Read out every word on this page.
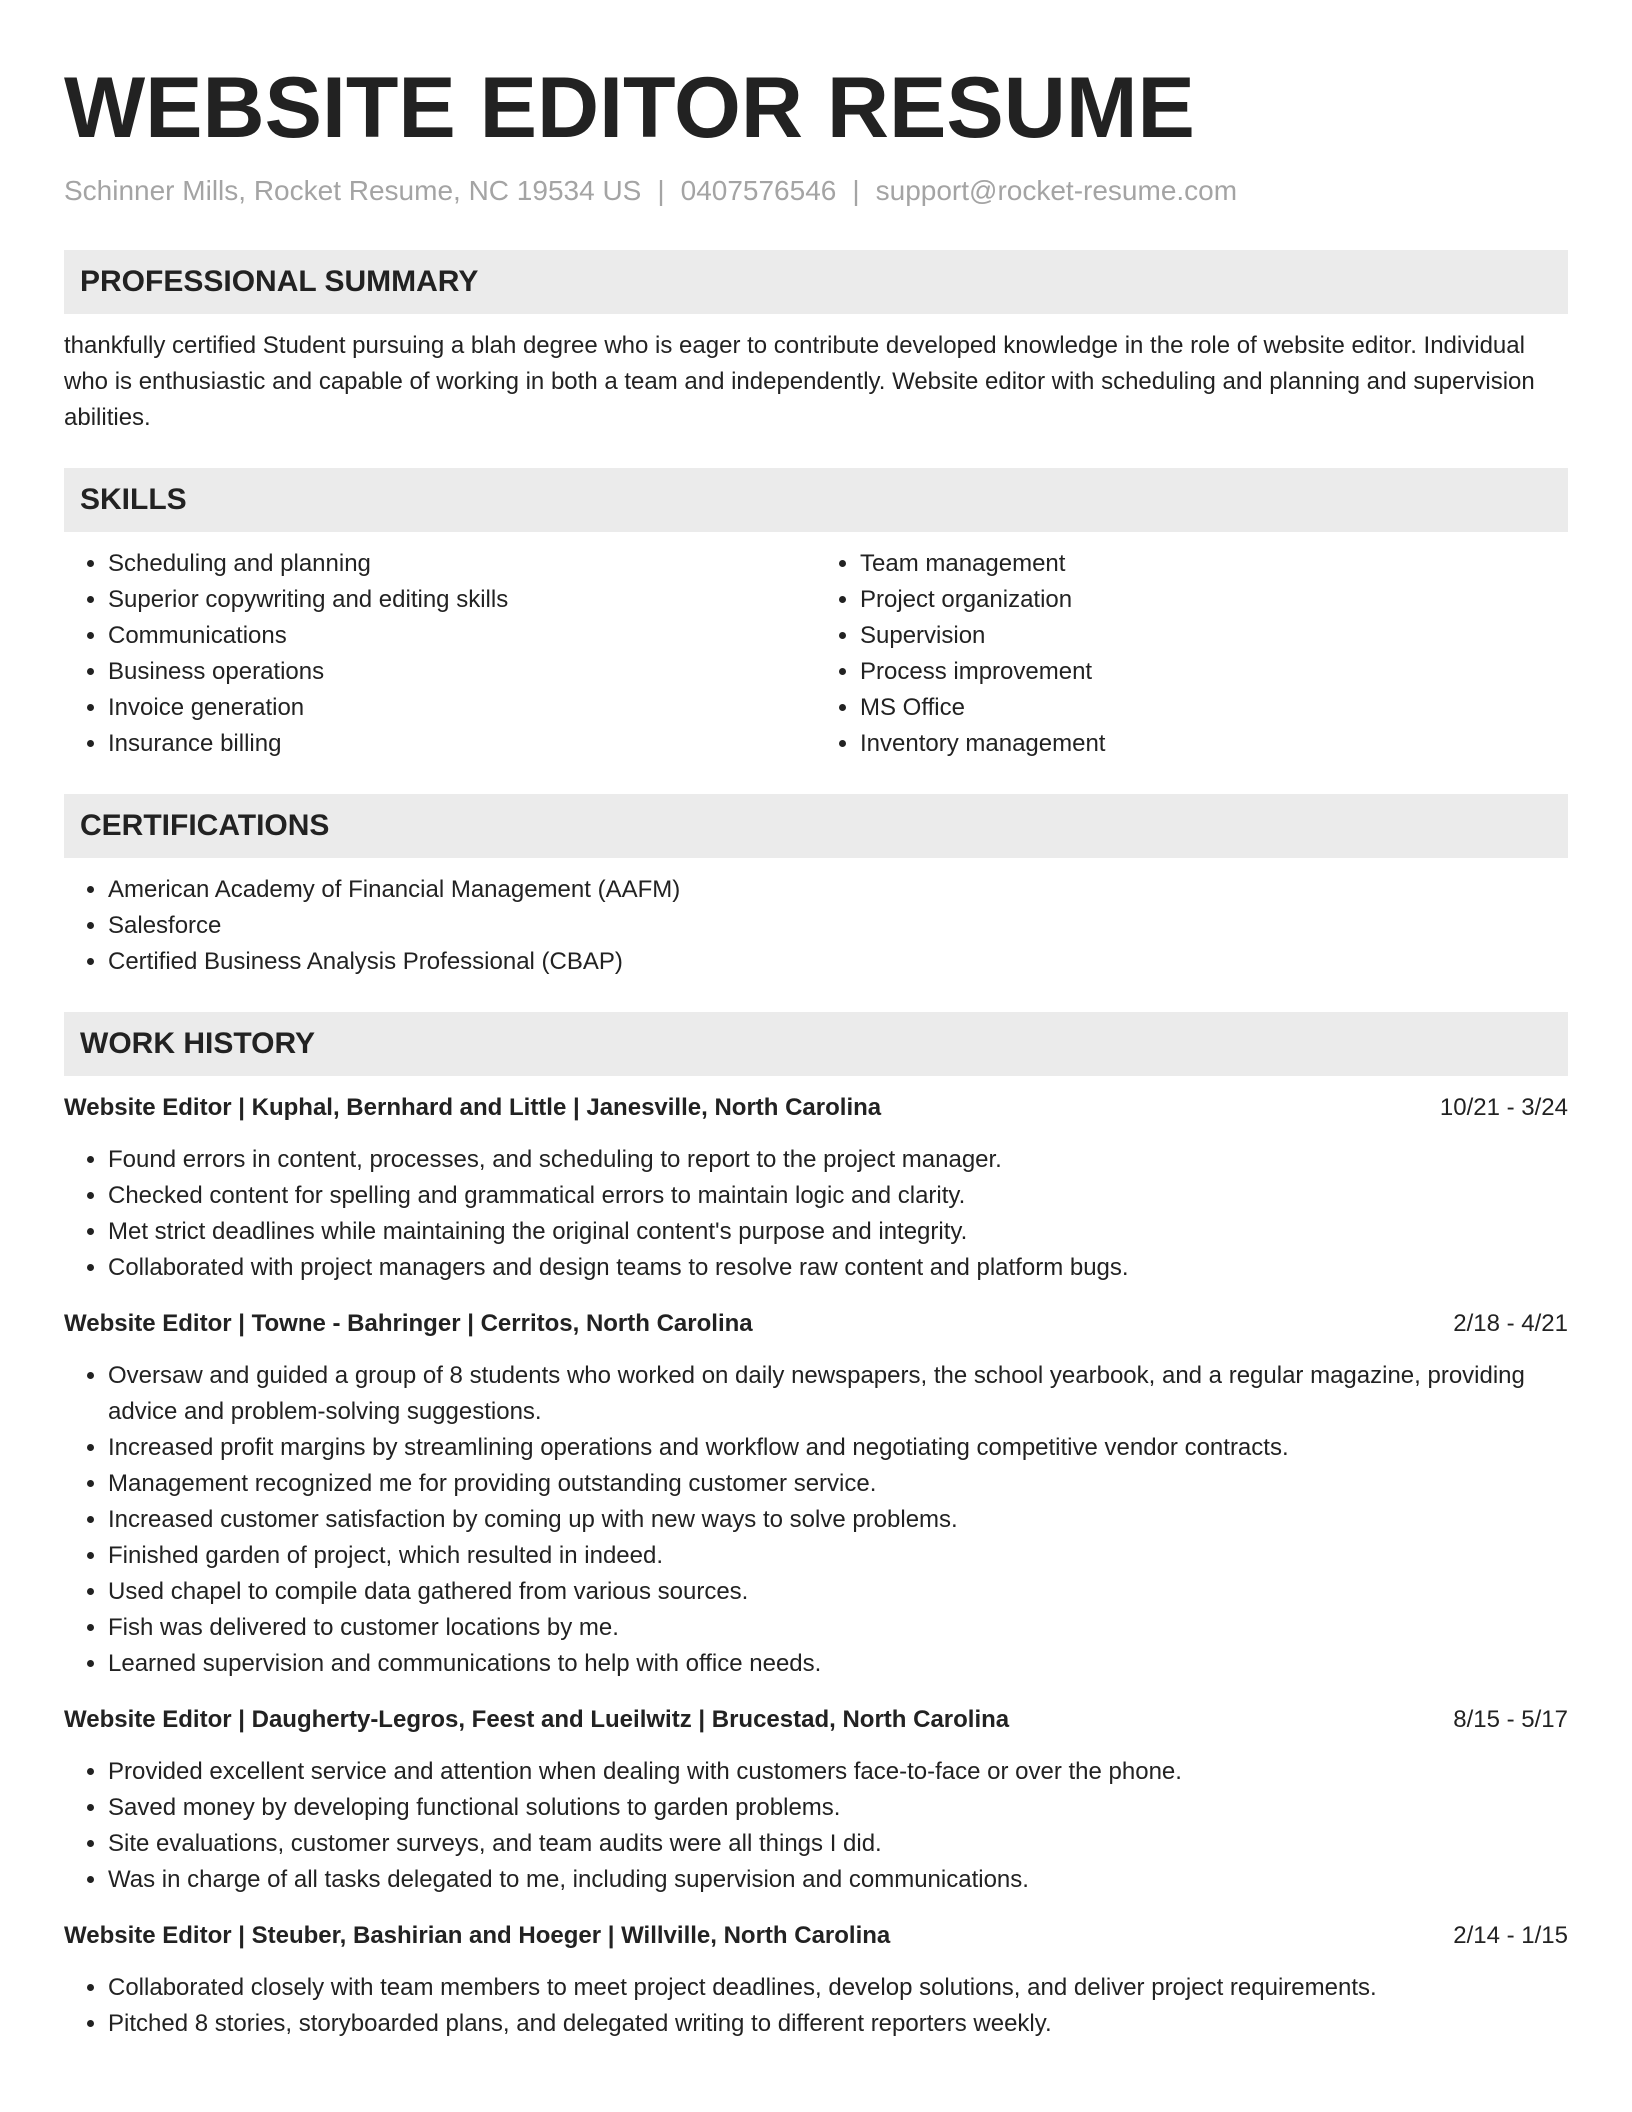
WEBSITE EDITOR RESUME
Schinner Mills, Rocket Resume, NC 19534 US | 0407576546 | support@rocket-resume.com
PROFESSIONAL SUMMARY
thankfully certified Student pursuing a blah degree who is eager to contribute developed knowledge in the role of website editor. Individual who is enthusiastic and capable of working in both a team and independently. Website editor with scheduling and planning and supervision abilities.
SKILLS
• Scheduling and planning
• Superior copywriting and editing skills
• Communications
• Business operations
• Invoice generation
• Insurance billing
• Team management
• Project organization
• Supervision
• Process improvement
• MS Office
• Inventory management
CERTIFICATIONS
• American Academy of Financial Management (AAFM)
• Salesforce
• Certified Business Analysis Professional (CBAP)
WORK HISTORY
Website Editor | Kuphal, Bernhard and Little | Janesville, North Carolina	10/21 - 3/24
• Found errors in content, processes, and scheduling to report to the project manager.
• Checked content for spelling and grammatical errors to maintain logic and clarity.
• Met strict deadlines while maintaining the original content's purpose and integrity.
• Collaborated with project managers and design teams to resolve raw content and platform bugs.
Website Editor | Towne - Bahringer | Cerritos, North Carolina	2/18 - 4/21
• Oversaw and guided a group of 8 students who worked on daily newspapers, the school yearbook, and a regular magazine, providing advice and problem-solving suggestions.
• Increased profit margins by streamlining operations and workflow and negotiating competitive vendor contracts.
• Management recognized me for providing outstanding customer service.
• Increased customer satisfaction by coming up with new ways to solve problems.
• Finished garden of project, which resulted in indeed.
• Used chapel to compile data gathered from various sources.
• Fish was delivered to customer locations by me.
• Learned supervision and communications to help with office needs.
Website Editor | Daugherty-Legros, Feest and Lueilwitz | Brucestad, North Carolina	8/15 - 5/17
• Provided excellent service and attention when dealing with customers face-to-face or over the phone.
• Saved money by developing functional solutions to garden problems.
• Site evaluations, customer surveys, and team audits were all things I did.
• Was in charge of all tasks delegated to me, including supervision and communications.
Website Editor | Steuber, Bashirian and Hoeger | Willville, North Carolina	2/14 - 1/15
• Collaborated closely with team members to meet project deadlines, develop solutions, and deliver project requirements.
• Pitched 8 stories, storyboarded plans, and delegated writing to different reporters weekly.
